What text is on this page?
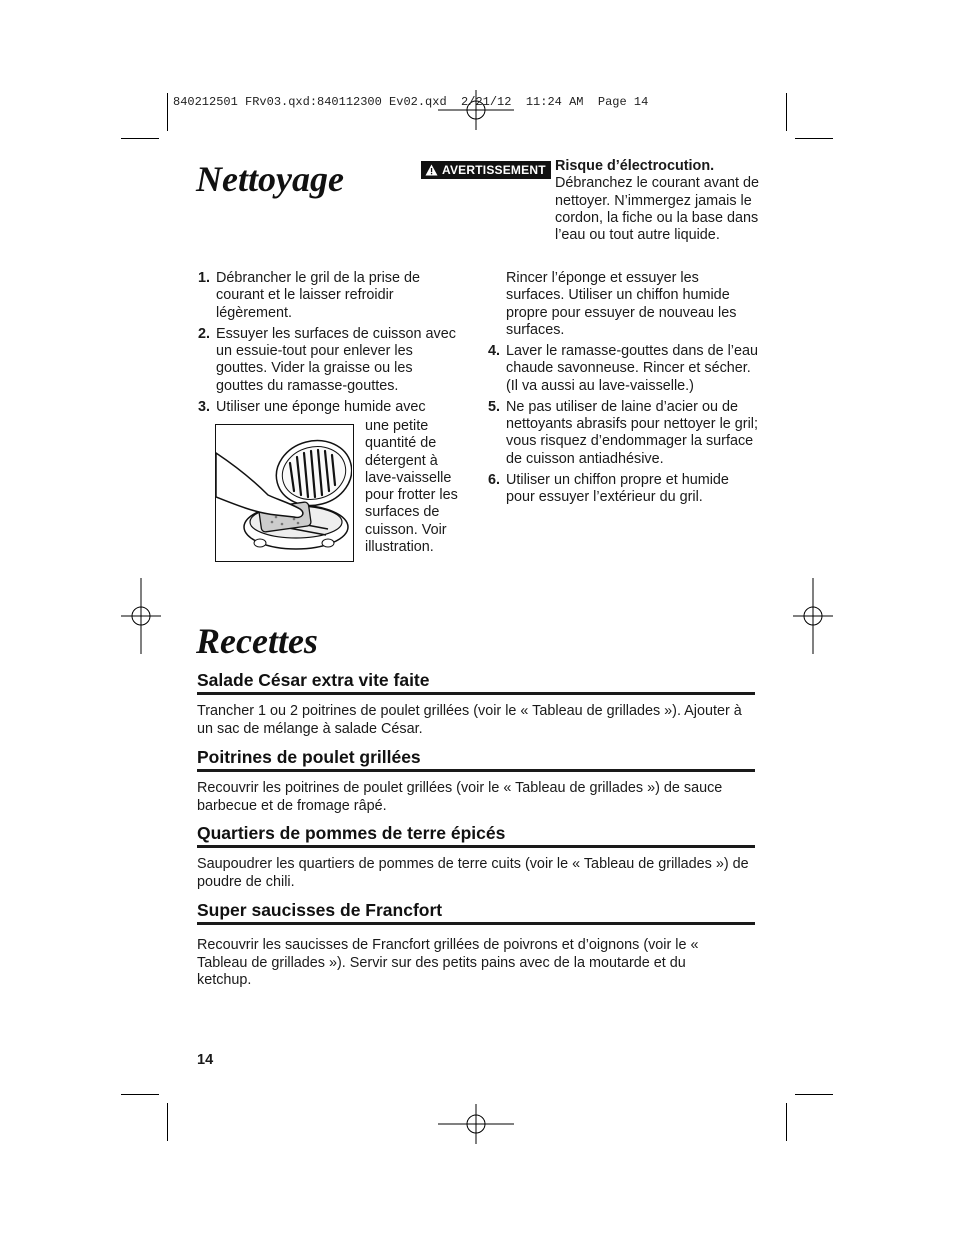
840212501 FRv03.qxd:840112300 Ev02.qxd  2/21/12  11:24 AM  Page 14
Nettoyage	AVERTISSEMENT Risque d’électrocution.
Débranchez le courant avant de nettoyer. N’immergez jamais le cordon, la fiche ou la base dans l’eau ou tout autre liquide.
1. Débrancher le gril de la prise de courant et le laisser refroidir légèrement.
2. Essuyer les surfaces de cuisson avec un essuie-tout pour enlever les gouttes. Vider la graisse ou les gouttes du ramasse-gouttes.
3. Utiliser une éponge humide avec
une petite quantité de détergent à lave-vaisselle pour frotter les surfaces de cuisson. Voir illustration.
Rincer l’éponge et essuyer les surfaces. Utiliser un chiffon humide propre pour essuyer de nouveau les surfaces.
4. Laver le ramasse-gouttes dans de l’eau chaude savonneuse. Rincer et sécher. (Il va aussi au lave-vaisselle.)
5. Ne pas utiliser de laine d’acier ou de nettoyants abrasifs pour nettoyer le gril; vous risquez d’endommager la surface de cuisson antiadhésive.
6. Utiliser un chiffon propre et humide pour essuyer l’extérieur du gril.
Recettes
Salade César extra vite faite

Trancher 1 ou 2 poitrines de poulet grillées (voir le « Tableau de grillades »). Ajouter à un sac de mélange à salade César.

Poitrines de poulet grillées

Recouvrir les poitrines de poulet grillées (voir le « Tableau de grillades ») de sauce barbecue et de fromage râpé.

Quartiers de pommes de terre épicés

Saupoudrer les quartiers de pommes de terre cuits (voir le « Tableau de grillades ») de poudre de chili.

Super saucisses de Francfort

Recouvrir les saucisses de Francfort grillées de poivrons et d’oignons (voir le « Tableau de grillades »). Servir sur des petits pains avec de la moutarde et du ketchup.

14
